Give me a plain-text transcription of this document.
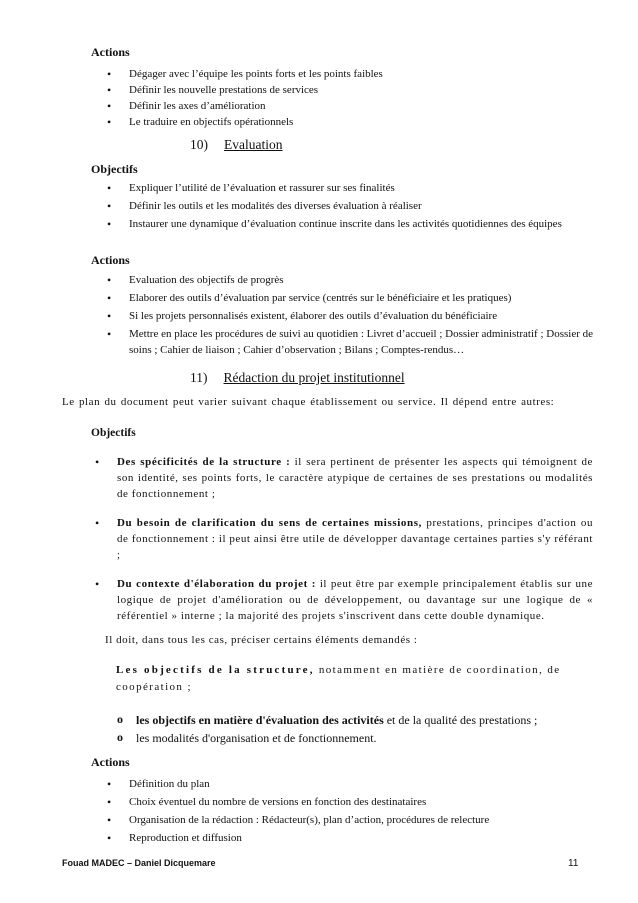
Actions
• Dégager avec l’équipe les points forts et les points faibles
• Définir les nouvelle prestations de services
• Définir les axes d’amélioration
• Le traduire en objectifs opérationnels
10) Evaluation
Objectifs
• Expliquer l’utilité de l’évaluation et rassurer sur ses finalités
• Définir les outils et les modalités des diverses évaluation à réaliser
• Instaurer une dynamique d’évaluation continue inscrite dans les activités quotidiennes des équipes
Actions
• Evaluation des objectifs de progrès
• Elaborer des outils d’évaluation par service (centrés sur le bénéficiaire et les pratiques)
• Si les projets personnalisés existent, élaborer des outils d’évaluation du bénéficiaire
• Mettre en place les procédures de suivi au quotidien : Livret d’accueil ; Dossier administratif ; Dossier de soins ; Cahier de liaison ; Cahier d’observation ; Bilans ; Comptes-rendus…
11) Rédaction du projet institutionnel
Le plan du document peut varier suivant chaque établissement ou service. Il dépend entre autres:
Objectifs
• Des spécificités de la structure : il sera pertinent de présenter les aspects qui témoignent de son identité, ses points forts, le caractère atypique de certaines de ses prestations ou modalités de fonctionnement ;
• Du besoin de clarification du sens de certaines missions, prestations, principes d'action ou de fonctionnement : il peut ainsi être utile de développer davantage certaines parties s'y référant ;
• Du contexte d'élaboration du projet : il peut être par exemple principalement établis sur une logique de projet d'amélioration ou de développement, ou davantage sur une logique de « référentiel » interne ; la majorité des projets s'inscrivent dans cette double dynamique.
Il doit, dans tous les cas, préciser certains éléments demandés :
Les objectifs de la structure, notamment en matière de coordination, de coopération ;
o les objectifs en matière d'évaluation des activités et de la qualité des prestations ;
o les modalités d'organisation et de fonctionnement.
Actions
• Définition du plan
• Choix éventuel du nombre de versions en fonction des destinataires
• Organisation de la rédaction : Rédacteur(s), plan d’action, procédures de relecture
• Reproduction et diffusion
Fouad MADEC – Daniel Dicquemare	11
